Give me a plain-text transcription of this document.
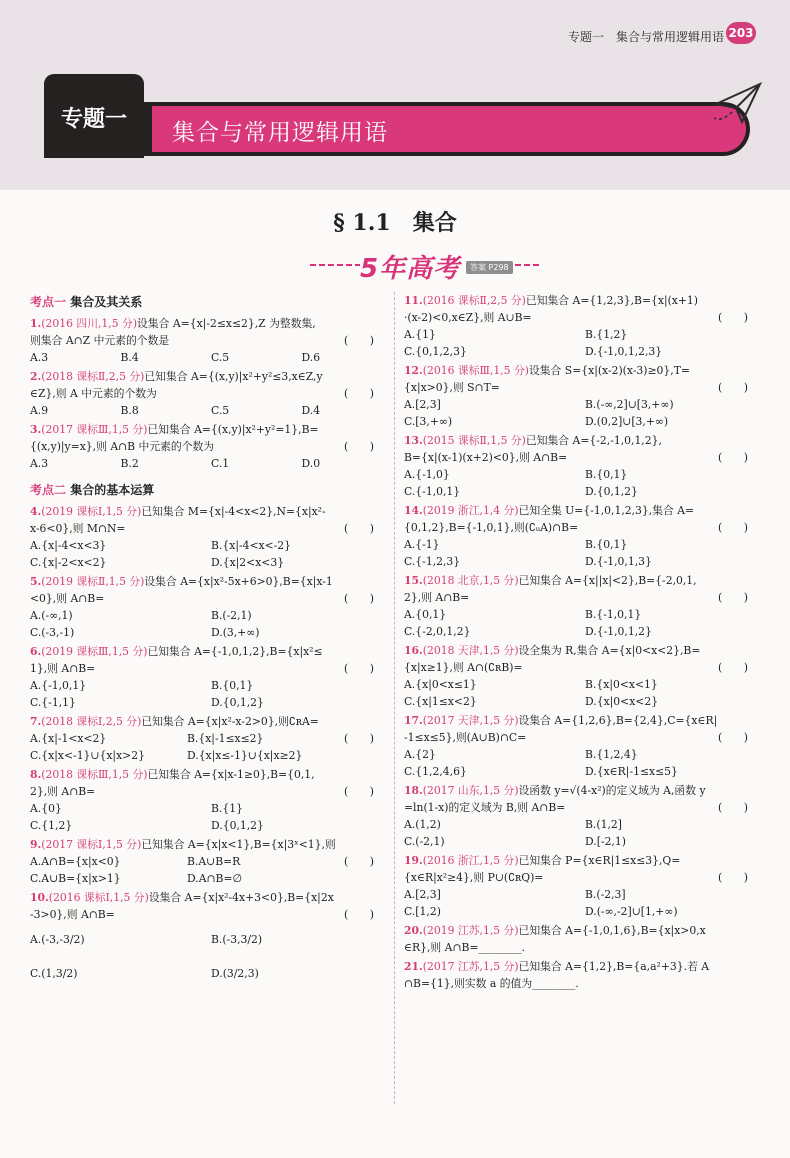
专题一　集合与常用逻辑用语 203
专题一
集合与常用逻辑用语
§ 1.1　集合
5年高考	答案 P298
考点一 集合及其关系
1.(2016 四川,1,5 分)设集合 A={x|-2≤x≤2},Z 为整数集,
则集合 A∩Z 中元素的个数是	(　　)
A.3	B.4	C.5	D.6
2.(2018 课标Ⅱ,2,5 分)已知集合 A={(x,y)|x²+y²≤3,x∈Z,y
∈Z},则 A 中元素的个数为	(　　)
A.9	B.8	C.5	D.4
3.(2017 课标Ⅲ,1,5 分)已知集合 A={(x,y)|x²+y²=1},B=
{(x,y)|y=x},则 A∩B 中元素的个数为	(　　)
A.3	B.2	C.1	D.0
考点二 集合的基本运算
4.(2019 课标Ⅰ,1,5 分)已知集合 M={x|-4<x<2},N={x|x²-
x-6<0},则 M∩N=	(　　)
A.{x|-4<x<3}	B.{x|-4<x<-2}
C.{x|-2<x<2}	D.{x|2<x<3}
5.(2019 课标Ⅱ,1,5 分)设集合 A={x|x²-5x+6>0},B={x|x-1
<0},则 A∩B=	(　　)
A.(-∞,1)	B.(-2,1)
C.(-3,-1)	D.(3,+∞)
6.(2019 课标Ⅲ,1,5 分)已知集合 A={-1,0,1,2},B={x|x²≤
1},则 A∩B=	(　　)
A.{-1,0,1}	B.{0,1}
C.{-1,1}	D.{0,1,2}
7.(2018 课标Ⅰ,2,5 分)已知集合 A={x|x²-x-2>0},则∁ʀA=
(　　)
A.{x|-1<x<2}	B.{x|-1≤x≤2}
C.{x|x<-1}∪{x|x>2}	D.{x|x≤-1}∪{x|x≥2}
8.(2018 课标Ⅲ,1,5 分)已知集合 A={x|x-1≥0},B={0,1,
2},则 A∩B=	(　　)
A.{0}	B.{1}
C.{1,2}	D.{0,1,2}
9.(2017 课标Ⅰ,1,5 分)已知集合 A={x|x<1},B={x|3ˣ<1},则
(　　)
A.A∩B={x|x<0}	B.A∪B=R
C.A∪B={x|x>1}	D.A∩B=∅
10.(2016 课标Ⅰ,1,5 分)设集合 A={x|x²-4x+3<0},B={x|2x
-3>0},则 A∩B=	(　　)
A.(-3,-3/2)	B.(-3,3/2)
C.(1,3/2)	D.(3/2,3)
11.(2016 课标Ⅱ,2,5 分)已知集合 A={1,2,3},B={x|(x+1)
·(x-2)<0,x∈Z},则 A∪B=	(　　)
A.{1}	B.{1,2}
C.{0,1,2,3}	D.{-1,0,1,2,3}
12.(2016 课标Ⅲ,1,5 分)设集合 S={x|(x-2)(x-3)≥0},T=
{x|x>0},则 S∩T=	(　　)
A.[2,3]	B.(-∞,2]∪[3,+∞)
C.[3,+∞)	D.(0,2]∪[3,+∞)
13.(2015 课标Ⅱ,1,5 分)已知集合 A={-2,-1,0,1,2},
B={x|(x-1)(x+2)<0},则 A∩B=	(　　)
A.{-1,0}	B.{0,1}
C.{-1,0,1}	D.{0,1,2}
14.(2019 浙江,1,4 分)已知全集 U={-1,0,1,2,3},集合 A=
{0,1,2},B={-1,0,1},则(∁ᵤA)∩B=	(　　)
A.{-1}	B.{0,1}
C.{-1,2,3}	D.{-1,0,1,3}
15.(2018 北京,1,5 分)已知集合 A={x||x|<2},B={-2,0,1,
2},则 A∩B=	(　　)
A.{0,1}	B.{-1,0,1}
C.{-2,0,1,2}	D.{-1,0,1,2}
16.(2018 天津,1,5 分)设全集为 R,集合 A={x|0<x<2},B=
{x|x≥1},则 A∩(∁ʀB)=	(　　)
A.{x|0<x≤1}	B.{x|0<x<1}
C.{x|1≤x<2}	D.{x|0<x<2}
17.(2017 天津,1,5 分)设集合 A={1,2,6},B={2,4},C={x∈R|
-1≤x≤5},则(A∪B)∩C=	(　　)
A.{2}	B.{1,2,4}
C.{1,2,4,6}	D.{x∈R|-1≤x≤5}
18.(2017 山东,1,5 分)设函数 y=√(4-x²)的定义域为 A,函数 y
=ln(1-x)的定义域为 B,则 A∩B=	(　　)
A.(1,2)	B.(1,2]
C.(-2,1)	D.[-2,1)
19.(2016 浙江,1,5 分)已知集合 P={x∈R|1≤x≤3},Q=
{x∈R|x²≥4},则 P∪(∁ʀQ)=	(　　)
A.[2,3]	B.(-2,3]
C.[1,2)	D.(-∞,-2]∪[1,+∞)
20.(2019 江苏,1,5 分)已知集合 A={-1,0,1,6},B={x|x>0,x
∈R},则 A∩B=________.
21.(2017 江苏,1,5 分)已知集合 A={1,2},B={a,a²+3}.若 A
∩B={1},则实数 a 的值为________.
